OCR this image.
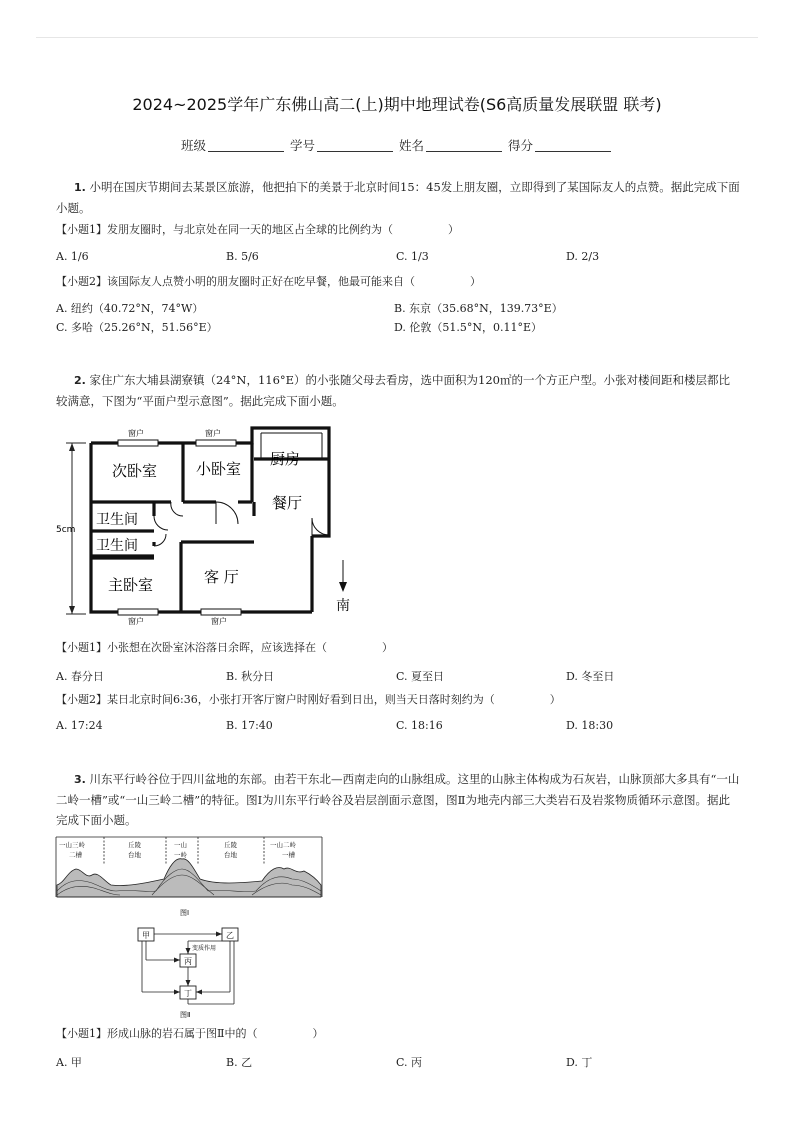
2024~2025学年广东佛山高二(上)期中地理试卷(S6高质量发展联盟 联考)
班级	学号	姓名	得分
1. 小明在国庆节期间去某景区旅游，他把拍下的美景于北京时间15：45发上朋友圈，立即得到了某国际友人的点赞。据此完成下面小题。
【小题1】发朋友圈时，与北京处在同一天的地区占全球的比例约为（　　　　　）
A. 1/6	B. 5/6	C. 1/3	D. 2/3
【小题2】该国际友人点赞小明的朋友圈时正好在吃早餐，他最可能来自（　　　　　）
A. 纽约（40.72°N，74°W）	B. 东京（35.68°N，139.73°E）
C. 多哈（25.26°N，51.56°E）	D. 伦敦（51.5°N，0.11°E）
2. 家住广东大埔县湖寮镇（24°N，116°E）的小张随父母去看房，选中面积为120㎡的一个方正户型。小张对楼间距和楼层都比较满意，下图为“平面户型示意图”。据此完成下面小题。
5cm
窗户	窗户
窗户	窗户
次卧室	小卧室
厨房
餐厅
卫生间
卫生间
主卧室	客 厅
南
【小题1】小张想在次卧室沐浴落日余晖，应该选择在（　　　　　）
A. 春分日	B. 秋分日	C. 夏至日	D. 冬至日
【小题2】某日北京时间6:36，小张打开客厅窗户时刚好看到日出，则当天日落时刻约为（　　　　　）
A. 17:24	B. 17:40	C. 18:16	D. 18:30
3. 川东平行岭谷位于四川盆地的东部。由若干东北—西南走向的山脉组成。这里的山脉主体构成为石灰岩，山脉顶部大多具有“一山二岭一槽”或“一山三岭二槽”的特征。图Ⅰ为川东平行岭谷及岩层剖面示意图，图Ⅱ为地壳内部三大类岩石及岩浆物质循环示意图。据此完成下面小题。
一山三岭
二槽
丘陵
台地
一山
一岭
丘陵
台地
一山二岭
一槽
图Ⅰ
甲	乙
丙
丁
变质作用
图Ⅱ
【小题1】形成山脉的岩石属于图Ⅱ中的（　　　　　）
A. 甲	B. 乙	C. 丙	D. 丁
